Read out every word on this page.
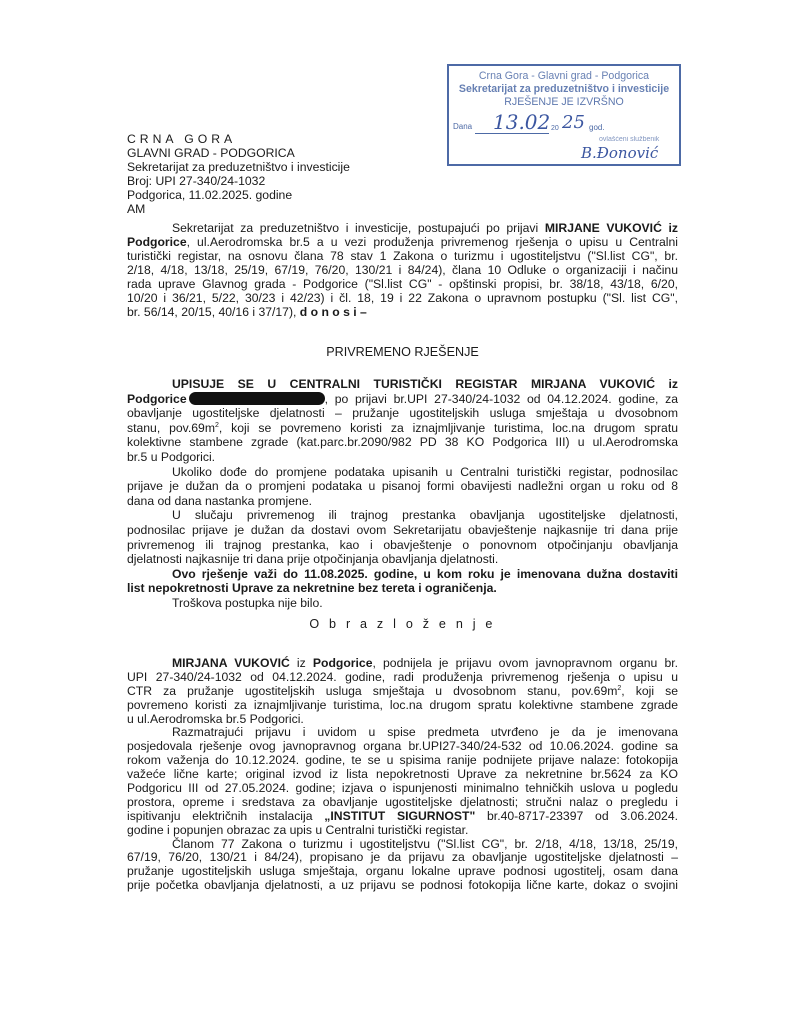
Crna Gora - Glavni grad - Podgorica
Sekretarijat za preduzetništvo i investicije
RJEŠENJE JE IZVRŠNO
Dana 13.02 20 25 god.
ovlašćeni službenik
B.Đonović
CRNA GORA
GLAVNI GRAD - PODGORICA
Sekretarijat za preduzetništvo i investicije
Broj: UPI 27-340/24-1032
Podgorica, 11.02.2025. godine
AM
Sekretarijat za preduzetništvo i investicije, postupajući po prijavi MIRJANE VUKOVIĆ iz
Podgorice, ul.Aerodromska br.5 a u vezi produženja privremenog rješenja o upisu u Centralni
turistički registar, na osnovu člana 78 stav 1 Zakona o turizmu i ugostiteljstvu ("Sl.list CG", br.
2/18, 4/18, 13/18, 25/19, 67/19, 76/20, 130/21 i 84/24), člana 10 Odluke o organizaciji i načinu
rada uprave Glavnog grada - Podgorice ("Sl.list CG" - opštinski propisi, br. 38/18, 43/18, 6/20,
10/20 i 36/21, 5/22, 30/23 i 42/23) i čl. 18, 19 i 22 Zakona o upravnom postupku ("Sl. list CG",
br. 56/14, 20/15, 40/16 i 37/17), d o n o s i –
PRIVREMENO RJEŠENJE
UPISUJE SE U CENTRALNI TURISTIČKI REGISTAR MIRJANA VUKOVIĆ iz
Podgorice	, po prijavi br.UPI 27-340/24-1032 od 04.12.2024. godine, za
obavljanje ugostiteljske djelatnosti – pružanje ugostiteljskih usluga smještaja u dvosobnom
stanu, $pov.69m^2$, koji se povremeno koristi za iznajmljivanje turistima, loc.na drugom spratu
kolektivne stambene zgrade (kat.parc.br.2090/982 PD 38 KO Podgorica III) u ul.Aerodromska
br.5 u Podgorici.
Ukoliko dođe do promjene podataka upisanih u Centralni turistički registar, podnosilac
prijave je dužan da o promjeni podataka u pisanoj formi obavijesti nadležni organ u roku od 8
dana od dana nastanka promjene.
U slučaju privremenog ili trajnog prestanka obavljanja ugostiteljske djelatnosti,
podnosilac prijave je dužan da dostavi ovom Sekretarijatu obavještenje najkasnije tri dana prije
privremenog ili trajnog prestanka, kao i obavještenje o ponovnom otpočinjanju obavljanja
djelatnosti najkasnije tri dana prije otpočinjanja obavljanja djelatnosti.
Ovo rješenje važi do 11.08.2025. godine, u kom roku je imenovana dužna dostaviti
list nepokretnosti Uprave za nekretnine bez tereta i ograničenja.
Troškova postupka nije bilo.
O b r a z l o ž e n j e
MIRJANA VUKOVIĆ iz Podgorice, podnijela je prijavu ovom javnopravnom organu br.
UPI 27-340/24-1032 od 04.12.2024. godine, radi produženja privremenog rješenja o upisu u
CTR za pružanje ugostiteljskih usluga smještaja u dvosobnom stanu, $pov.69m^2$, koji se
povremeno koristi za iznajmljivanje turistima, loc.na drugom spratu kolektivne stambene zgrade
u ul.Aerodromska br.5 Podgorici.
Razmatrajući prijavu i uvidom u spise predmeta utvrđeno je da je imenovana
posjedovala rješenje ovog javnopravnog organa br.UPI27-340/24-532 od 10.06.2024. godine sa
rokom važenja do 10.12.2024. godine, te se u spisima ranije podnijete prijave nalaze: fotokopija
važeće lične karte; original izvod iz lista nepokretnosti Uprave za nekretnine br.5624 za KO
Podgoricu III od 27.05.2024. godine; izjava o ispunjenosti minimalno tehničkih uslova u pogledu
prostora, opreme i sredstava za obavljanje ugostiteljske djelatnosti; stručni nalaz o pregledu i
ispitivanju električnih instalacija „INSTITUT SIGURNOST" br.40-8717-23397 od 3.06.2024.
godine i popunjen obrazac za upis u Centralni turistički registar.
Članom 77 Zakona o turizmu i ugostiteljstvu ("Sl.list CG", br. 2/18, 4/18, 13/18, 25/19,
67/19, 76/20, 130/21 i 84/24), propisano je da prijavu za obavljanje ugostiteljske djelatnosti –
pružanje ugostiteljskih usluga smještaja, organu lokalne uprave podnosi ugostitelj, osam dana
prije početka obavljanja djelatnosti, a uz prijavu se podnosi fotokopija lične karte, dokaz o svojini
